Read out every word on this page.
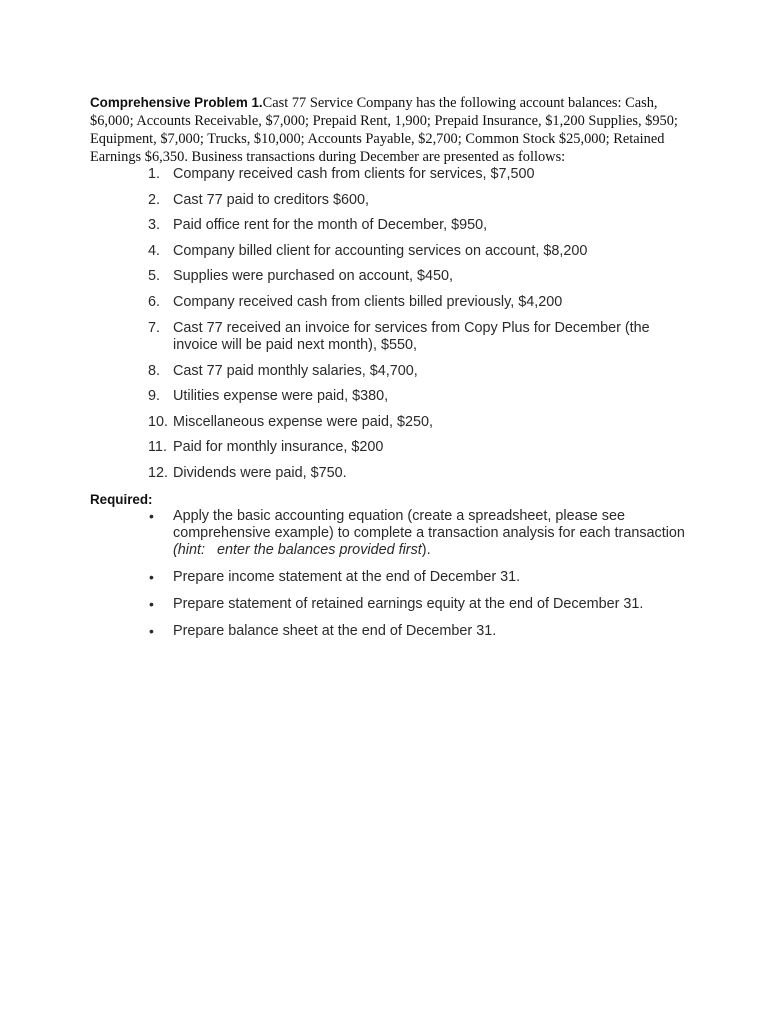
Comprehensive Problem 1.Cast 77 Service Company has the following account balances: Cash, $6,000; Accounts Receivable, $7,000; Prepaid Rent, 1,900; Prepaid Insurance, $1,200 Supplies, $950; Equipment, $7,000; Trucks, $10,000; Accounts Payable, $2,700; Common Stock $25,000; Retained Earnings $6,350. Business transactions during December are presented as follows:

1. Company received cash from clients for services, $7,500
2. Cast 77 paid to creditors $600,
3. Paid office rent for the month of December, $950,
4. Company billed client for accounting services on account, $8,200
5. Supplies were purchased on account, $450,
6. Company received cash from clients billed previously, $4,200
7. Cast 77 received an invoice for services from Copy Plus for December (the invoice will be paid next month), $550,
8. Cast 77 paid monthly salaries, $4,700,
9. Utilities expense were paid, $380,
10. Miscellaneous expense were paid, $250,
11. Paid for monthly insurance, $200
12. Dividends were paid, $750.
Required:
• Apply the basic accounting equation (create a spreadsheet, please see comprehensive example) to complete a transaction analysis for each transaction (hint:   enter the balances provided first).
• Prepare income statement at the end of December 31.
• Prepare statement of retained earnings equity at the end of December 31.
• Prepare balance sheet at the end of December 31.
